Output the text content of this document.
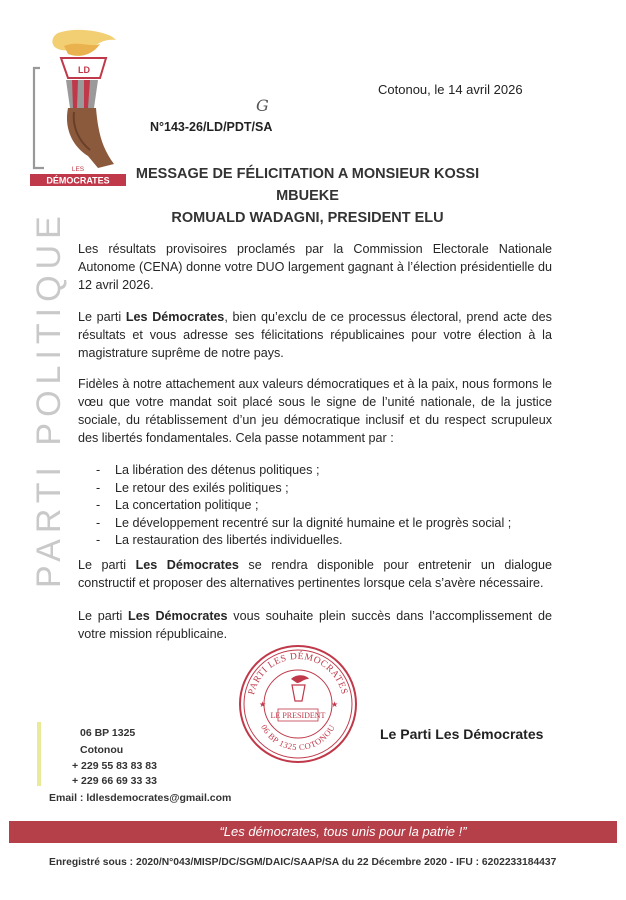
LD
LES
DÉMOCRATES
PARTI POLITIQUE
Cotonou, le 14 avril 2026
G
N°143-26/LD/PDT/SA
MESSAGE DE FÉLICITATION A MONSIEUR KOSSI MBUEKE
ROMUALD WADAGNI, PRESIDENT ELU
Les résultats provisoires proclamés par la Commission Electorale Nationale Autonome (CENA) donne votre DUO largement gagnant à l’élection présidentielle du 12 avril 2026.
Le parti Les Démocrates, bien qu’exclu de ce processus électoral, prend acte des résultats et vous adresse ses félicitations républicaines pour votre élection à la magistrature suprême de notre pays.
Fidèles à notre attachement aux valeurs démocratiques et à la paix, nous formons le vœu que votre mandat soit placé sous le signe de l’unité nationale, de la justice sociale, du rétablissement d’un jeu démocratique inclusif et du respect scrupuleux des libertés fondamentales. Cela passe notamment par :
-	La libération des détenus politiques ;
-	Le retour des exilés politiques ;
-	La concertation politique ;
-	Le développement recentré sur la dignité humaine et le progrès social ;
-	La restauration des libertés individuelles.
Le parti Les Démocrates se rendra disponible pour entretenir un dialogue constructif et proposer des alternatives pertinentes lorsque cela s’avère nécessaire.
Le parti Les Démocrates vous souhaite plein succès dans l’accomplissement de votre mission républicaine.
PARTI LES DÉMOCRATES
06 BP 1325 COTONOU
LE PRESIDENT
★	★
Le Parti Les Démocrates
06 BP 1325
Cotonou
+ 229 55 83 83 83
+ 229 66 69 33 33
Email : ldlesdemocrates@gmail.com
“Les démocrates, tous unis pour la patrie !”
Enregistré sous : 2020/N°043/MISP/DC/SGM/DAIC/SAAP/SA du 22 Décembre 2020 - IFU : 6202233184437
